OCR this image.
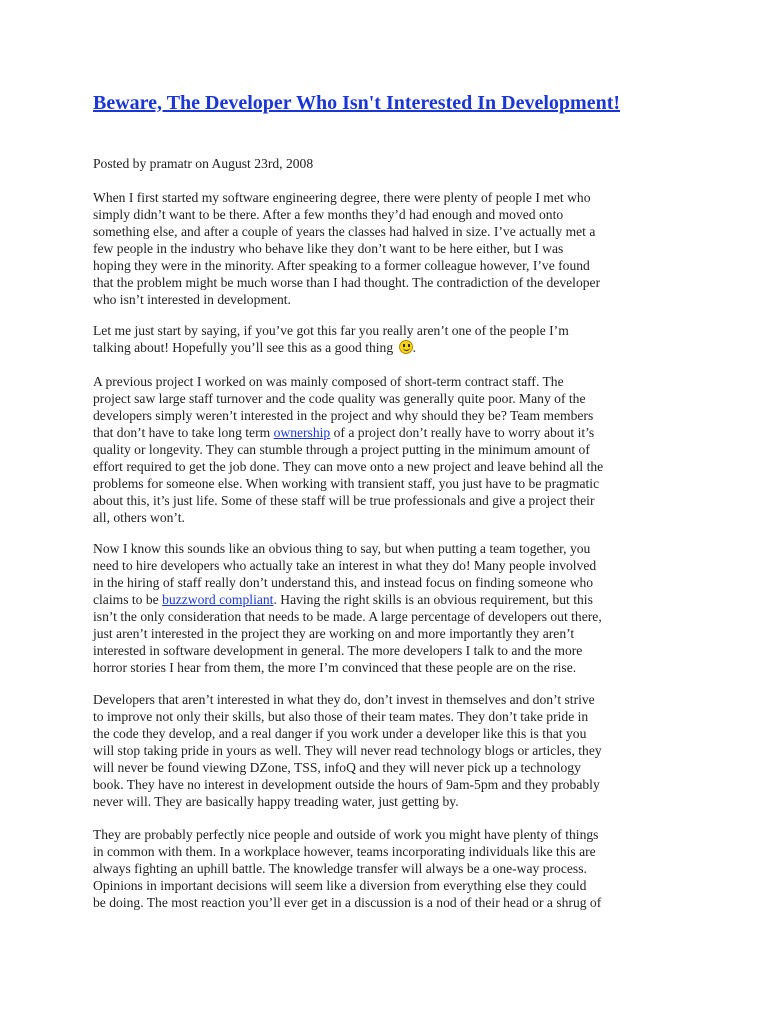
Beware, The Developer Who Isn't Interested In Development!

Posted by pramatr on August 23rd, 2008

When I first started my software engineering degree, there were plenty of people I met who
simply didn’t want to be there. After a few months they’d had enough and moved onto
something else, and after a couple of years the classes had halved in size. I’ve actually met a
few people in the industry who behave like they don’t want to be here either, but I was
hoping they were in the minority. After speaking to a former colleague however, I’ve found
that the problem might be much worse than I had thought. The contradiction of the developer
who isn’t interested in development.

Let me just start by saying, if you’ve got this far you really aren’t one of the people I’m
talking about! Hopefully you’ll see this as a good thing .

A previous project I worked on was mainly composed of short-term contract staff. The
project saw large staff turnover and the code quality was generally quite poor. Many of the
developers simply weren’t interested in the project and why should they be? Team members
that don’t have to take long term ownership of a project don’t really have to worry about it’s
quality or longevity. They can stumble through a project putting in the minimum amount of
effort required to get the job done. They can move onto a new project and leave behind all the
problems for someone else. When working with transient staff, you just have to be pragmatic
about this, it’s just life. Some of these staff will be true professionals and give a project their
all, others won’t.

Now I know this sounds like an obvious thing to say, but when putting a team together, you
need to hire developers who actually take an interest in what they do! Many people involved
in the hiring of staff really don’t understand this, and instead focus on finding someone who
claims to be buzzword compliant. Having the right skills is an obvious requirement, but this
isn’t the only consideration that needs to be made. A large percentage of developers out there,
just aren’t interested in the project they are working on and more importantly they aren’t
interested in software development in general. The more developers I talk to and the more
horror stories I hear from them, the more I’m convinced that these people are on the rise.

Developers that aren’t interested in what they do, don’t invest in themselves and don’t strive
to improve not only their skills, but also those of their team mates. They don’t take pride in
the code they develop, and a real danger if you work under a developer like this is that you
will stop taking pride in yours as well. They will never read technology blogs or articles, they
will never be found viewing DZone, TSS, infoQ and they will never pick up a technology
book. They have no interest in development outside the hours of 9am-5pm and they probably
never will. They are basically happy treading water, just getting by.

They are probably perfectly nice people and outside of work you might have plenty of things
in common with them. In a workplace however, teams incorporating individuals like this are
always fighting an uphill battle. The knowledge transfer will always be a one-way process.
Opinions in important decisions will seem like a diversion from everything else they could
be doing. The most reaction you’ll ever get in a discussion is a nod of their head or a shrug of
